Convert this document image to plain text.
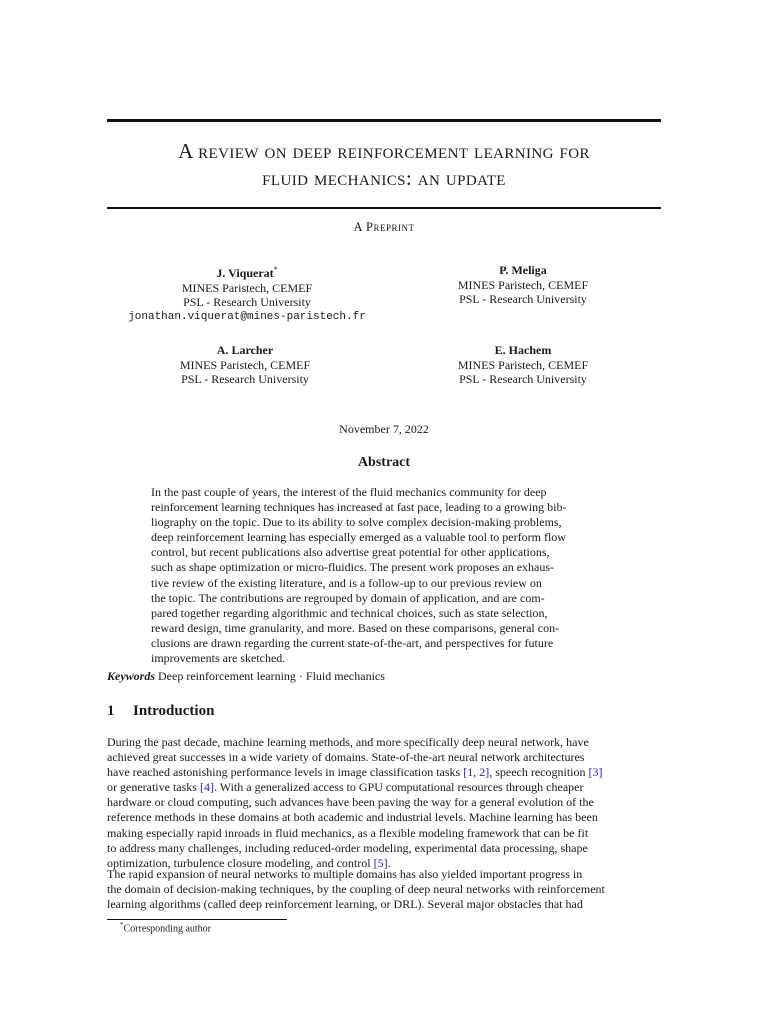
A review on deep reinforcement learning for
fluid mechanics: an update
A Preprint
J. Viquerat*
MINES Paristech, CEMEF
PSL - Research University
jonathan.viquerat@mines-paristech.fr
P. Meliga
MINES Paristech, CEMEF
PSL - Research University
A. Larcher
MINES Paristech, CEMEF
PSL - Research University
E. Hachem
MINES Paristech, CEMEF
PSL - Research University
November 7, 2022
Abstract

In the past couple of years, the interest of the fluid mechanics community for deep
reinforcement learning techniques has increased at fast pace, leading to a growing bib-
liography on the topic. Due to its ability to solve complex decision-making problems,
deep reinforcement learning has especially emerged as a valuable tool to perform flow
control, but recent publications also advertise great potential for other applications,
such as shape optimization or micro-fluidics. The present work proposes an exhaus-
tive review of the existing literature, and is a follow-up to our previous review on
the topic. The contributions are regrouped by domain of application, and are com-
pared together regarding algorithmic and technical choices, such as state selection,
reward design, time granularity, and more. Based on these comparisons, general con-
clusions are drawn regarding the current state-of-the-art, and perspectives for future
improvements are sketched.

Keywords Deep reinforcement learning · Fluid mechanics
1 Introduction

During the past decade, machine learning methods, and more specifically deep neural network, have
achieved great successes in a wide variety of domains. State-of-the-art neural network architectures
have reached astonishing performance levels in image classification tasks [1, 2], speech recognition [3]
or generative tasks [4]. With a generalized access to GPU computational resources through cheaper
hardware or cloud computing, such advances have been paving the way for a general evolution of the
reference methods in these domains at both academic and industrial levels. Machine learning has been
making especially rapid inroads in fluid mechanics, as a flexible modeling framework that can be fit
to address many challenges, including reduced-order modeling, experimental data processing, shape
optimization, turbulence closure modeling, and control [5].

The rapid expansion of neural networks to multiple domains has also yielded important progress in
the domain of decision-making techniques, by the coupling of deep neural networks with reinforcement
learning algorithms (called deep reinforcement learning, or DRL). Several major obstacles that had

*Corresponding author
